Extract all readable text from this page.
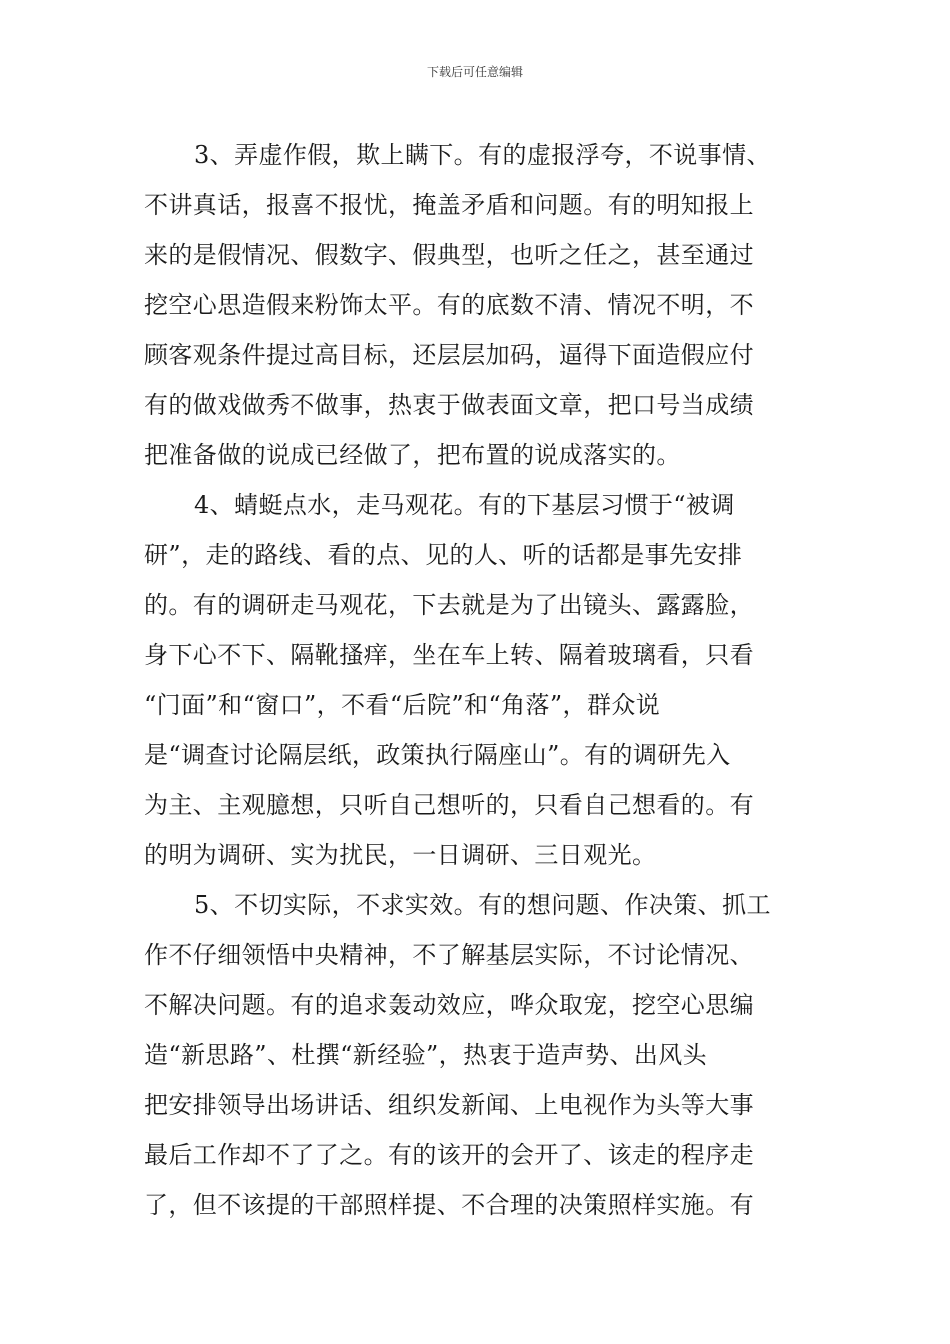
下载后可任意编辑
3、弄虚作假，欺上瞒下。有的虚报浮夸，不说事情、
不讲真话，报喜不报忧，掩盖矛盾和问题。有的明知报上
来的是假情况、假数字、假典型，也听之任之，甚至通过
挖空心思造假来粉饰太平。有的底数不清、情况不明，不
顾客观条件提过高目标，还层层加码，逼得下面造假应付
有的做戏做秀不做事，热衷于做表面文章，把口号当成绩
把准备做的说成已经做了，把布置的说成落实的。
4、蜻蜓点水，走马观花。有的下基层习惯于“被调
研”，走的路线、看的点、见的人、听的话都是事先安排
的。有的调研走马观花，下去就是为了出镜头、露露脸，
身下心不下、隔靴搔痒，坐在车上转、隔着玻璃看，只看
“门面”和“窗口”，不看“后院”和“角落”，群众说
是“调查讨论隔层纸，政策执行隔座山”。有的调研先入
为主、主观臆想，只听自己想听的，只看自己想看的。有
的明为调研、实为扰民，一日调研、三日观光。
5、不切实际，不求实效。有的想问题、作决策、抓工
作不仔细领悟中央精神，不了解基层实际，不讨论情况、
不解决问题。有的追求轰动效应，哗众取宠，挖空心思编
造“新思路”、杜撰“新经验”，热衷于造声势、出风头
把安排领导出场讲话、组织发新闻、上电视作为头等大事
最后工作却不了了之。有的该开的会开了、该走的程序走
了，但不该提的干部照样提、不合理的决策照样实施。有
